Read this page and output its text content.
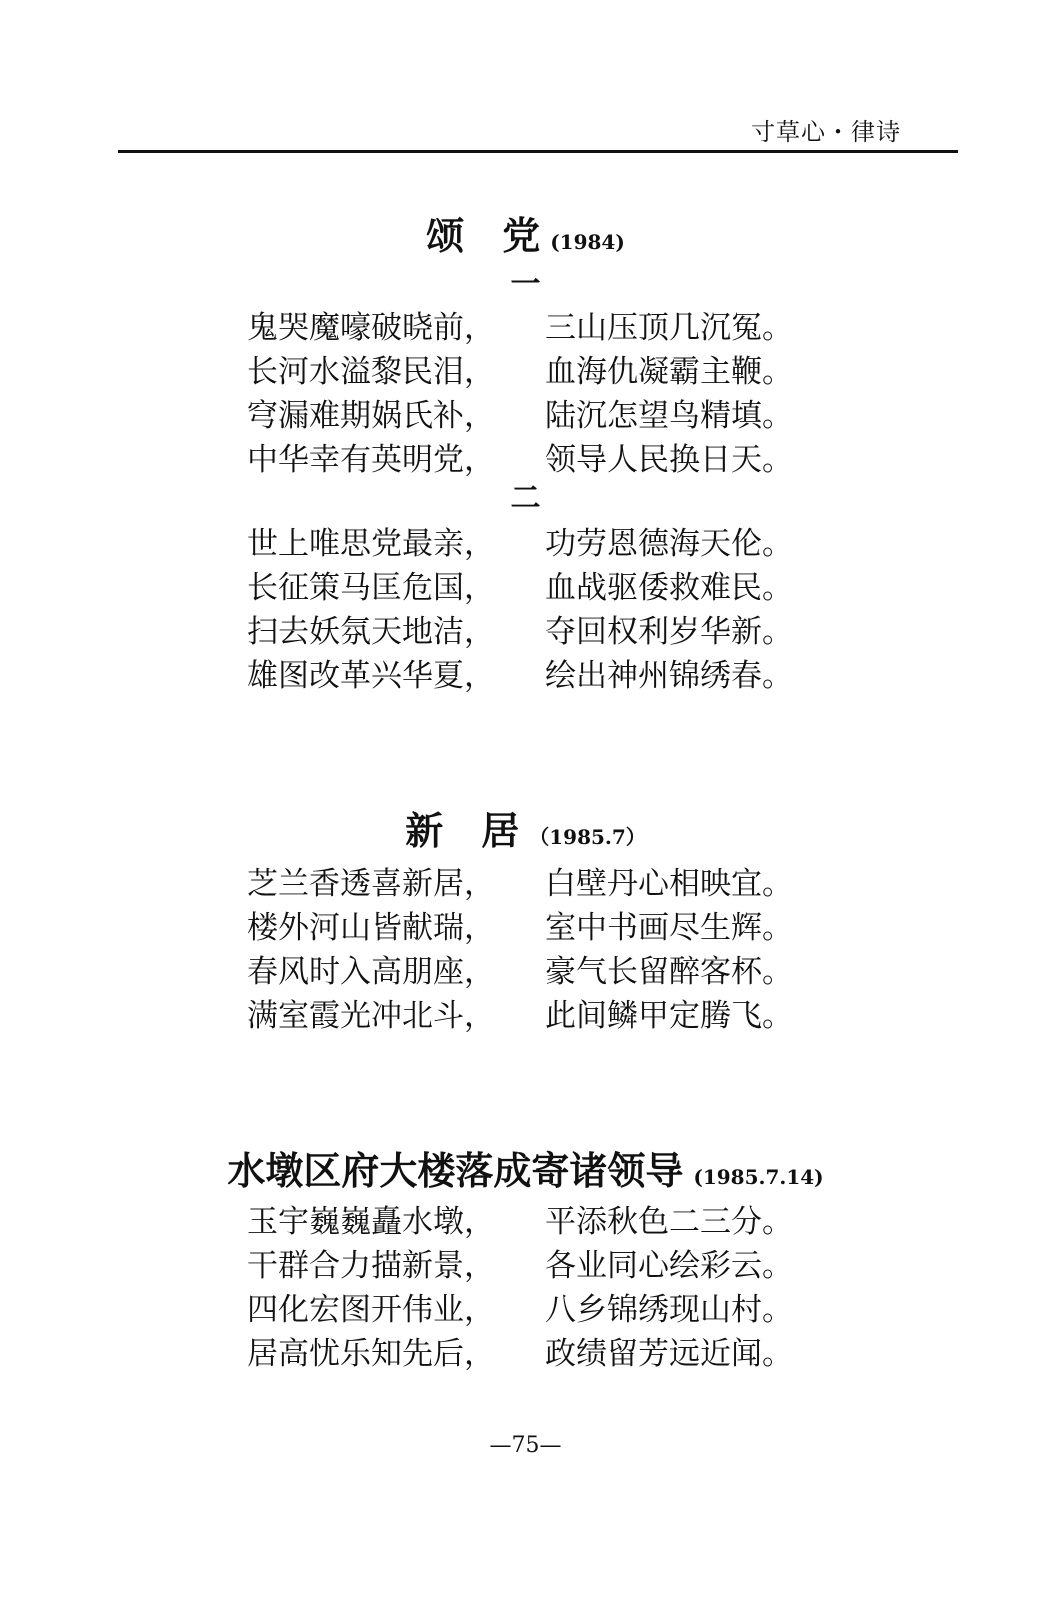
寸草心・律诗
颂　党 (1984)
一
鬼哭魔嚎破晓前， 三山压顶几沉冤。
长河水溢黎民泪， 血海仇凝霸主鞭。
穹漏难期娲氏补， 陆沉怎望鸟精填。
中华幸有英明党， 领导人民换日天。
二
世上唯思党最亲， 功劳恩德海天伦。
长征策马匡危国， 血战驱倭救难民。
扫去妖氛天地洁， 夺回权利岁华新。
雄图改革兴华夏， 绘出神州锦绣春。
新　居 （1985.7）
芝兰香透喜新居， 白壁丹心相映宜。
楼外河山皆献瑞， 室中书画尽生辉。
春风时入高朋座， 豪气长留醉客杯。
满室霞光冲北斗， 此间鳞甲定腾飞。
水墩区府大楼落成寄诸领导 (1985.7.14)
玉宇巍巍矗水墩， 平添秋色二三分。
干群合力描新景， 各业同心绘彩云。
四化宏图开伟业， 八乡锦绣现山村。
居高忧乐知先后， 政绩留芳远近闻。
—75—
